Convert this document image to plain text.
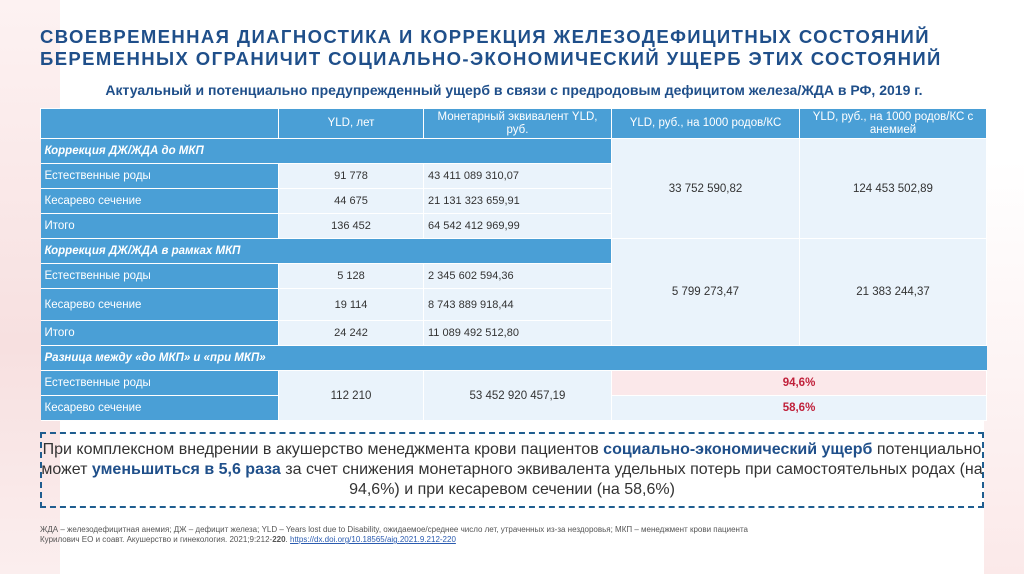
СВОЕВРЕМЕННАЯ ДИАГНОСТИКА И КОРРЕКЦИЯ ЖЕЛЕЗОДЕФИЦИТНЫХ СОСТОЯНИЙ
БЕРЕМЕННЫХ ОГРАНИЧИТ СОЦИАЛЬНО-ЭКОНОМИЧЕСКИЙ УЩЕРБ ЭТИХ СОСТОЯНИЙ
Актуальный и потенциально предупрежденный ущерб в связи с предродовым дефицитом железа/ЖДА в РФ, 2019 г.
	YLD, лет	Монетарный эквивалент YLD, руб.	YLD, руб., на 1000 родов/КС	YLD, руб., на 1000 родов/КС с анемией
Коррекция ДЖ/ЖДА до МКП			33 752 590,82	124 453 502,89
Естественные роды	91 778	43 411 089 310,07		
Кесарево сечение	44 675	21 131 323 659,91		
Итого	136 452	64 542 412 969,99		
Коррекция ДЖ/ЖДА в рамках МКП			5 799 273,47	21 383 244,37
Естественные роды	5 128	2 345 602 594,36		
Кесарево сечение	19 114	8 743 889 918,44		
Итого	24 242	11 089 492 512,80		
Разница между «до МКП» и «при МКП»				
Естественные роды	112 210	53 452 920 457,19	94,6%	
Кесарево сечение			58,6%	
При комплексном внедрении в акушерство менеджмента крови пациентов социально-экономический ущерб потенциально может уменьшиться в 5,6 раза за счет снижения монетарного эквивалента удельных потерь при самостоятельных родах (на 94,6%) и при кесаревом сечении (на 58,6%)
ЖДА – железодефицитная анемия; ДЖ – дефицит железа; YLD – Years lost due to Disability, ожидаемое/среднее число лет, утраченных из-за нездоровья; МКП – менеджмент крови пациента
Курилович ЕО и соавт. Акушерство и гинекология. 2021;9:212-220. https://dx.doi.org/10.18565/aig.2021.9.212-220
